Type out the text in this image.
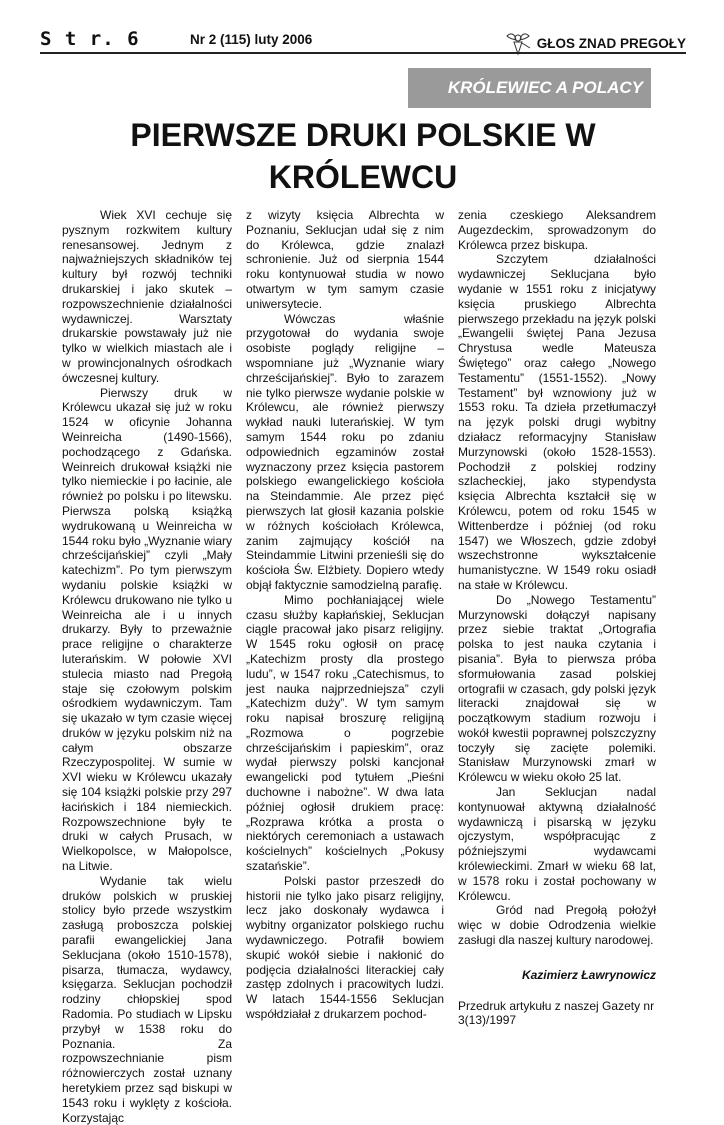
S t r. 6	Nr 2 (115) luty 2006	GŁOS ZNAD PREGOŁY
KRÓLEWIEC A POLACY
PIERWSZE DRUKI POLSKIE W
KRÓLEWCU

Wiek XVI cechuje się pysznym rozkwitem kultury renesansowej. Jednym z najważniejszych składników tej kultury był rozwój techniki drukarskiej i jako skutek – rozpowszechnienie działalności wydawniczej. Warsztaty drukarskie powstawały już nie tylko w wielkich miastach ale i w prowincjonalnych ośrodkach ówczesnej kultury.

Pierwszy druk w Królewcu ukazał się już w roku 1524 w oficynie Johanna Weinreicha (1490-1566), pochodzącego z Gdańska. Weinreich drukował książki nie tylko niemieckie i po łacinie, ale również po polsku i po litewsku. Pierwsza polską książką wydrukowaną u Weinreicha w 1544 roku było „Wyznanie wiary chrześcijańskiej” czyli „Mały katechizm”. Po tym pierwszym wydaniu polskie książki w Królewcu drukowano nie tylko u Weinreicha ale i u innych drukarzy. Były to przeważnie prace religijne o charakterze luterańskim. W połowie XVI stulecia miasto nad Pregołą staje się czołowym polskim ośrodkiem wydawniczym. Tam się ukazało w tym czasie więcej druków w języku polskim niż na całym obszarze Rzeczypospolitej. W sumie w XVI wieku w Królewcu ukazały się 104 książki polskie przy 297 łacińskich i 184 niemieckich. Rozpowszechnione były te druki w całych Prusach, w Wielkopolsce, w Małopolsce, na Litwie.

Wydanie tak wielu druków polskich w pruskiej stolicy było przede wszystkim zasługą proboszcza polskiej parafii ewangelickiej Jana Seklucjana (około 1510-1578), pisarza, tłumacza, wydawcy, księgarza. Seklucjan pochodził rodziny chłopskiej spod Radomia. Po studiach w Lipsku przybył w 1538 roku do Poznania. Za rozpowszechnianie pism różnowierczych został uznany heretykiem przez sąd biskupi w 1543 roku i wyklęty z kościoła. Korzystając

z wizyty księcia Albrechta w Poznaniu, Seklucjan udał się z nim do Królewca, gdzie znalazł schronienie. Już od sierpnia 1544 roku kontynuował studia w nowo otwartym w tym samym czasie uniwersytecie.

Wówczas właśnie przygotował do wydania swoje osobiste poglądy religijne – wspomniane już „Wyznanie wiary chrześcijańskiej”. Było to zarazem nie tylko pierwsze wydanie polskie w Królewcu, ale również pierwszy wykład nauki luterańskiej. W tym samym 1544 roku po zdaniu odpowiednich egzaminów został wyznaczony przez księcia pastorem polskiego ewangelickiego kościoła na Steindammie. Ale przez pięć pierwszych lat głosił kazania polskie w różnych kościołach Królewca, zanim zajmujący kościół na Steindammie Litwini przenieśli się do kościoła Św. Elżbiety. Dopiero wtedy objął faktycznie samodzielną parafię.

Mimo pochłaniającej wiele czasu służby kapłańskiej, Seklucjan ciągle pracował jako pisarz religijny. W 1545 roku ogłosił on pracę „Katechizm prosty dla prostego ludu”, w 1547 roku „Catechismus, to jest nauka najprzedniejsza” czyli „Katechizm duży”. W tym samym roku napisał broszurę religijną „Rozmowa o pogrzebie chrześcijańskim i papieskim”, oraz wydał pierwszy polski kancjonał ewangelicki pod tytułem „Pieśni duchowne i nabożne”. W dwa lata później ogłosił drukiem pracę: „Rozprawa krótka a prosta o niektórych ceremoniach a ustawach kościelnych” kościelnych „Pokusy szatańskie”.

Polski pastor przeszedł do historii nie tylko jako pisarz religijny, lecz jako doskonały wydawca i wybitny organizator polskiego ruchu wydawniczego. Potrafił bowiem skupić wokół siebie i nakłonić do podjęcia działalności literackiej cały zastęp zdolnych i pracowitych ludzi. W latach 1544-1556 Seklucjan współdziałał z drukarzem pochod-

zenia czeskiego Aleksandrem Augezdeckim, sprowadzonym do Królewca przez biskupa.

Szczytem działalności wydawniczej Seklucjana było wydanie w 1551 roku z inicjatywy księcia pruskiego Albrechta pierwszego przekładu na język polski „Ewangelii świętej Pana Jezusa Chrystusa wedle Mateusza Świętego” oraz całego „Nowego Testamentu” (1551-1552). „Nowy Testament” był wznowiony już w 1553 roku. Ta dzieła przetłumaczył na język polski drugi wybitny działacz reformacyjny Stanisław Murzynowski (około 1528-1553). Pochodził z polskiej rodziny szlacheckiej, jako stypendysta księcia Albrechta kształcił się w Królewcu, potem od roku 1545 w Wittenberdze i później (od roku 1547) we Włoszech, gdzie zdobył wszechstronne wykształcenie humanistyczne. W 1549 roku osiadł na stałe w Królewcu.

Do „Nowego Testamentu” Murzynowski dołączył napisany przez siebie traktat „Ortografia polska to jest nauka czytania i pisania”. Była to pierwsza próba sformułowania zasad polskiej ortografii w czasach, gdy polski język literacki znajdował się w początkowym stadium rozwoju i wokół kwestii poprawnej polszczyzny toczyły się zacięte polemiki. Stanisław Murzynowski zmarł w Królewcu w wieku około 25 lat.

Jan Seklucjan nadal kontynuował aktywną działalność wydawniczą i pisarską w języku ojczystym, współpracując z późniejszymi wydawcami królewieckimi. Zmarł w wieku 68 lat, w 1578 roku i został pochowany w Królewcu.

Gród nad Pregołą położył więc w dobie Odrodzenia wielkie zasługi dla naszej kultury narodowej.

Kazimierz Ławrynowicz

Przedruk artykułu z naszej Gazety nr 3(13)/1997
